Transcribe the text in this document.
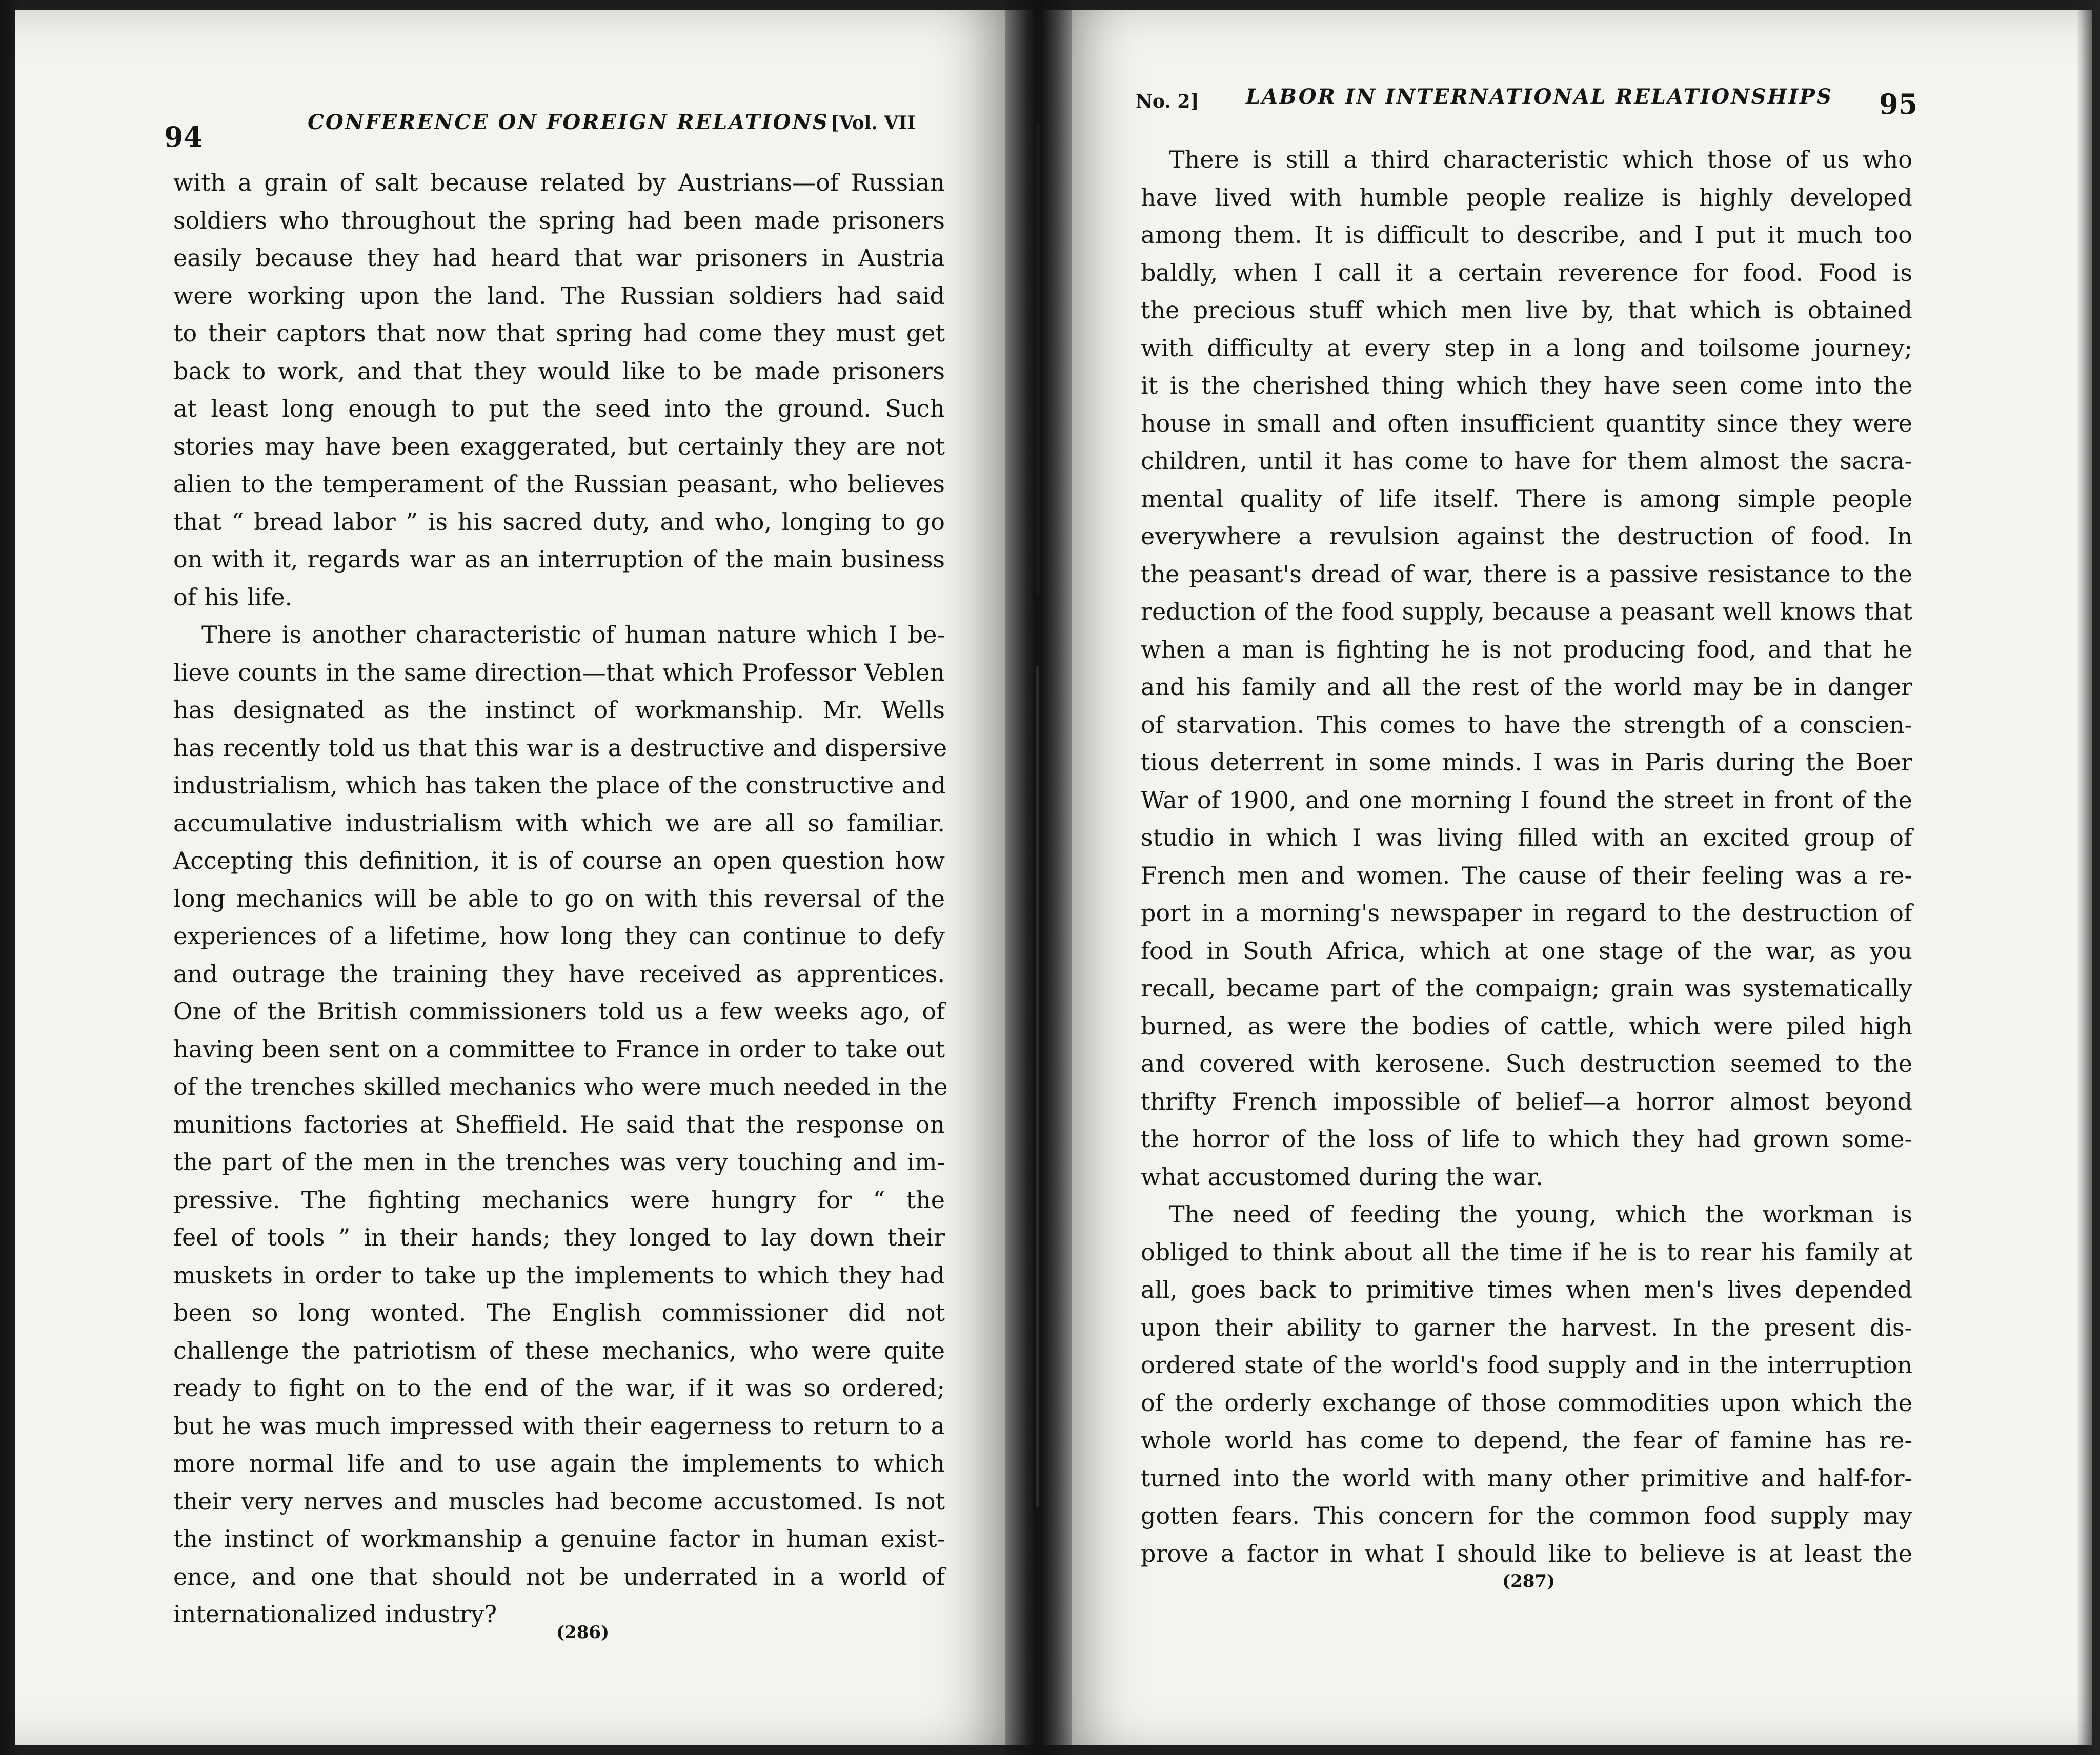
94	CONFERENCE ON FOREIGN RELATIONS [Vol. VII
with a grain of salt because related by Austrians—of Russian
soldiers who throughout the spring had been made prisoners
easily because they had heard that war prisoners in Austria
were working upon the land. The Russian soldiers had said
to their captors that now that spring had come they must get
back to work, and that they would like to be made prisoners
at least long enough to put the seed into the ground. Such
stories may have been exaggerated, but certainly they are not
alien to the temperament of the Russian peasant, who believes
that “ bread labor ” is his sacred duty, and who, longing to go
on with it, regards war as an interruption of the main business
of his life.
There is another characteristic of human nature which I be-
lieve counts in the same direction—that which Professor Veblen
has designated as the instinct of workmanship. Mr. Wells
has recently told us that this war is a destructive and dispersive
industrialism, which has taken the place of the constructive and
accumulative industrialism with which we are all so familiar.
Accepting this definition, it is of course an open question how
long mechanics will be able to go on with this reversal of the
experiences of a lifetime, how long they can continue to defy
and outrage the training they have received as apprentices.
One of the British commissioners told us a few weeks ago, of
having been sent on a committee to France in order to take out
of the trenches skilled mechanics who were much needed in the
munitions factories at Sheffield. He said that the response on
the part of the men in the trenches was very touching and im-
pressive. The fighting mechanics were hungry for “ the
feel of tools ” in their hands; they longed to lay down their
muskets in order to take up the implements to which they had
been so long wonted. The English commissioner did not
challenge the patriotism of these mechanics, who were quite
ready to fight on to the end of the war, if it was so ordered;
but he was much impressed with their eagerness to return to a
more normal life and to use again the implements to which
their very nerves and muscles had become accustomed. Is not
the instinct of workmanship a genuine factor in human exist-
ence, and one that should not be underrated in a world of
internationalized industry?
(286)
No. 2] LABOR IN INTERNATIONAL RELATIONSHIPS 95
There is still a third characteristic which those of us who
have lived with humble people realize is highly developed
among them. It is difficult to describe, and I put it much too
baldly, when I call it a certain reverence for food. Food is
the precious stuff which men live by, that which is obtained
with difficulty at every step in a long and toilsome journey;
it is the cherished thing which they have seen come into the
house in small and often insufficient quantity since they were
children, until it has come to have for them almost the sacra-
mental quality of life itself. There is among simple people
everywhere a revulsion against the destruction of food. In
the peasant's dread of war, there is a passive resistance to the
reduction of the food supply, because a peasant well knows that
when a man is fighting he is not producing food, and that he
and his family and all the rest of the world may be in danger
of starvation. This comes to have the strength of a conscien-
tious deterrent in some minds. I was in Paris during the Boer
War of 1900, and one morning I found the street in front of the
studio in which I was living filled with an excited group of
French men and women. The cause of their feeling was a re-
port in a morning's newspaper in regard to the destruction of
food in South Africa, which at one stage of the war, as you
recall, became part of the compaign; grain was systematically
burned, as were the bodies of cattle, which were piled high
and covered with kerosene. Such destruction seemed to the
thrifty French impossible of belief—a horror almost beyond
the horror of the loss of life to which they had grown some-
what accustomed during the war.
The need of feeding the young, which the workman is
obliged to think about all the time if he is to rear his family at
all, goes back to primitive times when men's lives depended
upon their ability to garner the harvest. In the present dis-
ordered state of the world's food supply and in the interruption
of the orderly exchange of those commodities upon which the
whole world has come to depend, the fear of famine has re-
turned into the world with many other primitive and half-for-
gotten fears. This concern for the common food supply may
prove a factor in what I should like to believe is at least the
(287)
